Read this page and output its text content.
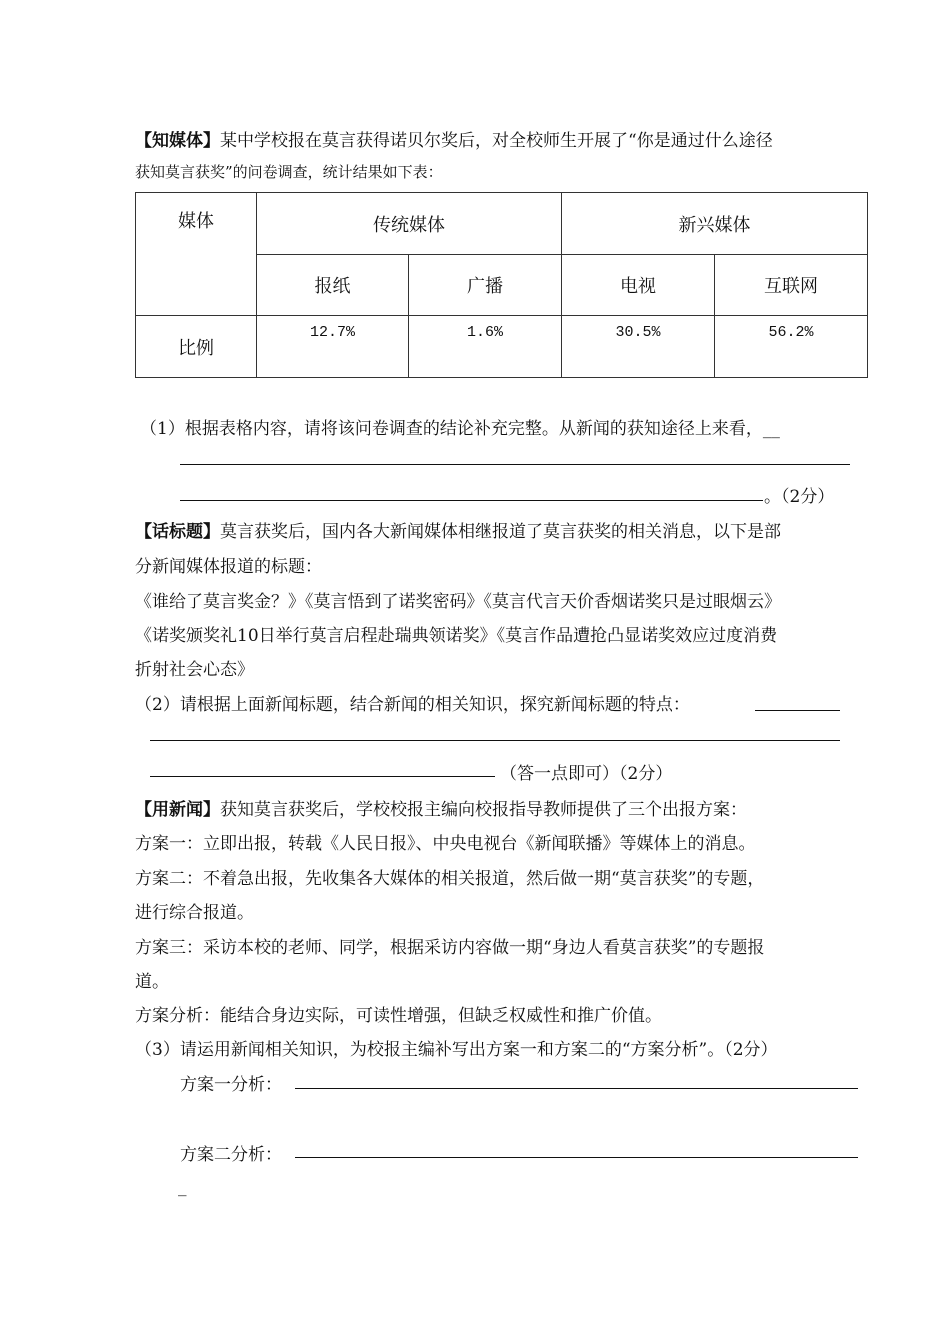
【知媒体】某中学校报在莫言获得诺贝尔奖后，对全校师生开展了“你是通过什么途径
获知莫言获奖”的问卷调查，统计结果如下表：
媒体	传统媒体		新兴媒体	
	报纸	广播	电视	互联网
比例	12.7%	1.6%	30.5%	56.2%
（1）根据表格内容，请将该问卷调查的结论补充完整。从新闻的获知途径上来看，__
。（2分）
【话标题】莫言获奖后，国内各大新闻媒体相继报道了莫言获奖的相关消息，以下是部
分新闻媒体报道的标题：
《谁给了莫言奖金？》《莫言悟到了诺奖密码》《莫言代言天价香烟诺奖只是过眼烟云》
《诺奖颁奖礼10日举行莫言启程赴瑞典领诺奖》《莫言作品遭抢凸显诺奖效应过度消费
折射社会心态》
（2）请根据上面新闻标题，结合新闻的相关知识，探究新闻标题的特点：
（答一点即可）（2分）
【用新闻】获知莫言获奖后，学校校报主编向校报指导教师提供了三个出报方案：
方案一：立即出报，转载《人民日报》、中央电视台《新闻联播》等媒体上的消息。
方案二：不着急出报，先收集各大媒体的相关报道，然后做一期“莫言获奖”的专题，
进行综合报道。
方案三：采访本校的老师、同学，根据采访内容做一期“身边人看莫言获奖”的专题报
道。
方案分析：能结合身边实际，可读性增强，但缺乏权威性和推广价值。
（3）请运用新闻相关知识，为校报主编补写出方案一和方案二的“方案分析”。（2分）
方案一分析：
方案二分析：
_
